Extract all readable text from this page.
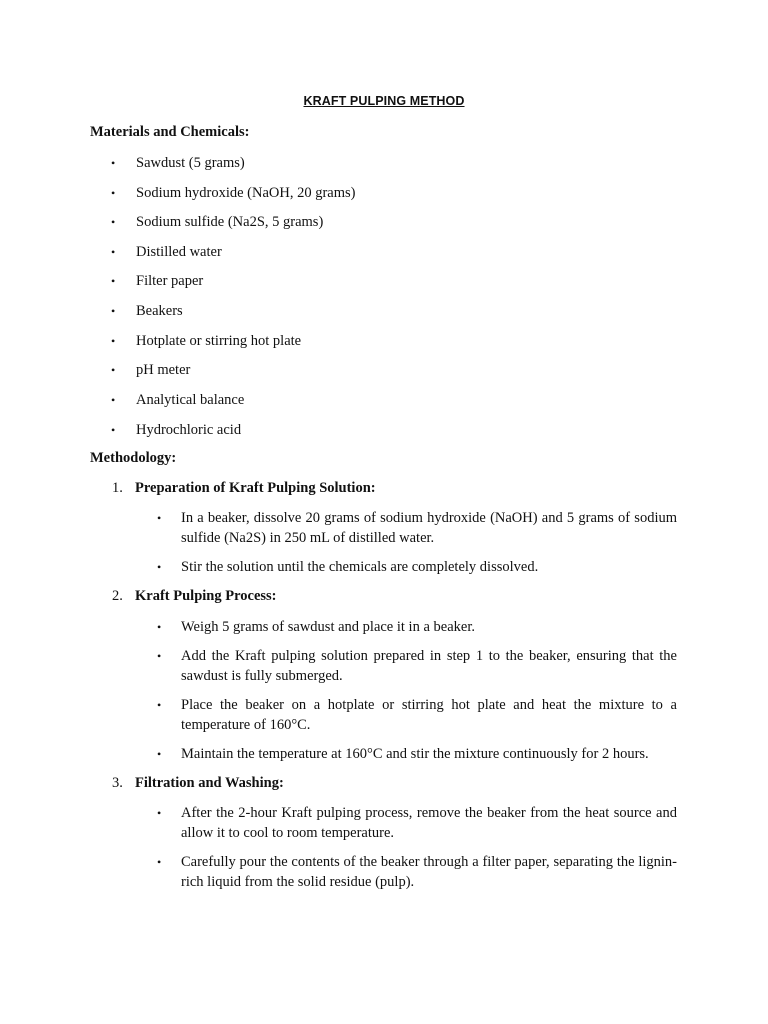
KRAFT PULPING METHOD
Materials and Chemicals:
• Sawdust (5 grams)
• Sodium hydroxide (NaOH, 20 grams)
• Sodium sulfide (Na2S, 5 grams)
• Distilled water
• Filter paper
• Beakers
• Hotplate or stirring hot plate
• pH meter
• Analytical balance
• Hydrochloric acid
Methodology:
1. Preparation of Kraft Pulping Solution:
• In a beaker, dissolve 20 grams of sodium hydroxide (NaOH) and 5 grams of sodium sulfide (Na2S) in 250 mL of distilled water.
• Stir the solution until the chemicals are completely dissolved.
2. Kraft Pulping Process:
• Weigh 5 grams of sawdust and place it in a beaker.
• Add the Kraft pulping solution prepared in step 1 to the beaker, ensuring that the sawdust is fully submerged.
• Place the beaker on a hotplate or stirring hot plate and heat the mixture to a temperature of 160°C.
• Maintain the temperature at 160°C and stir the mixture continuously for 2 hours.
3. Filtration and Washing:
• After the 2-hour Kraft pulping process, remove the beaker from the heat source and allow it to cool to room temperature.
• Carefully pour the contents of the beaker through a filter paper, separating the lignin-rich liquid from the solid residue (pulp).
